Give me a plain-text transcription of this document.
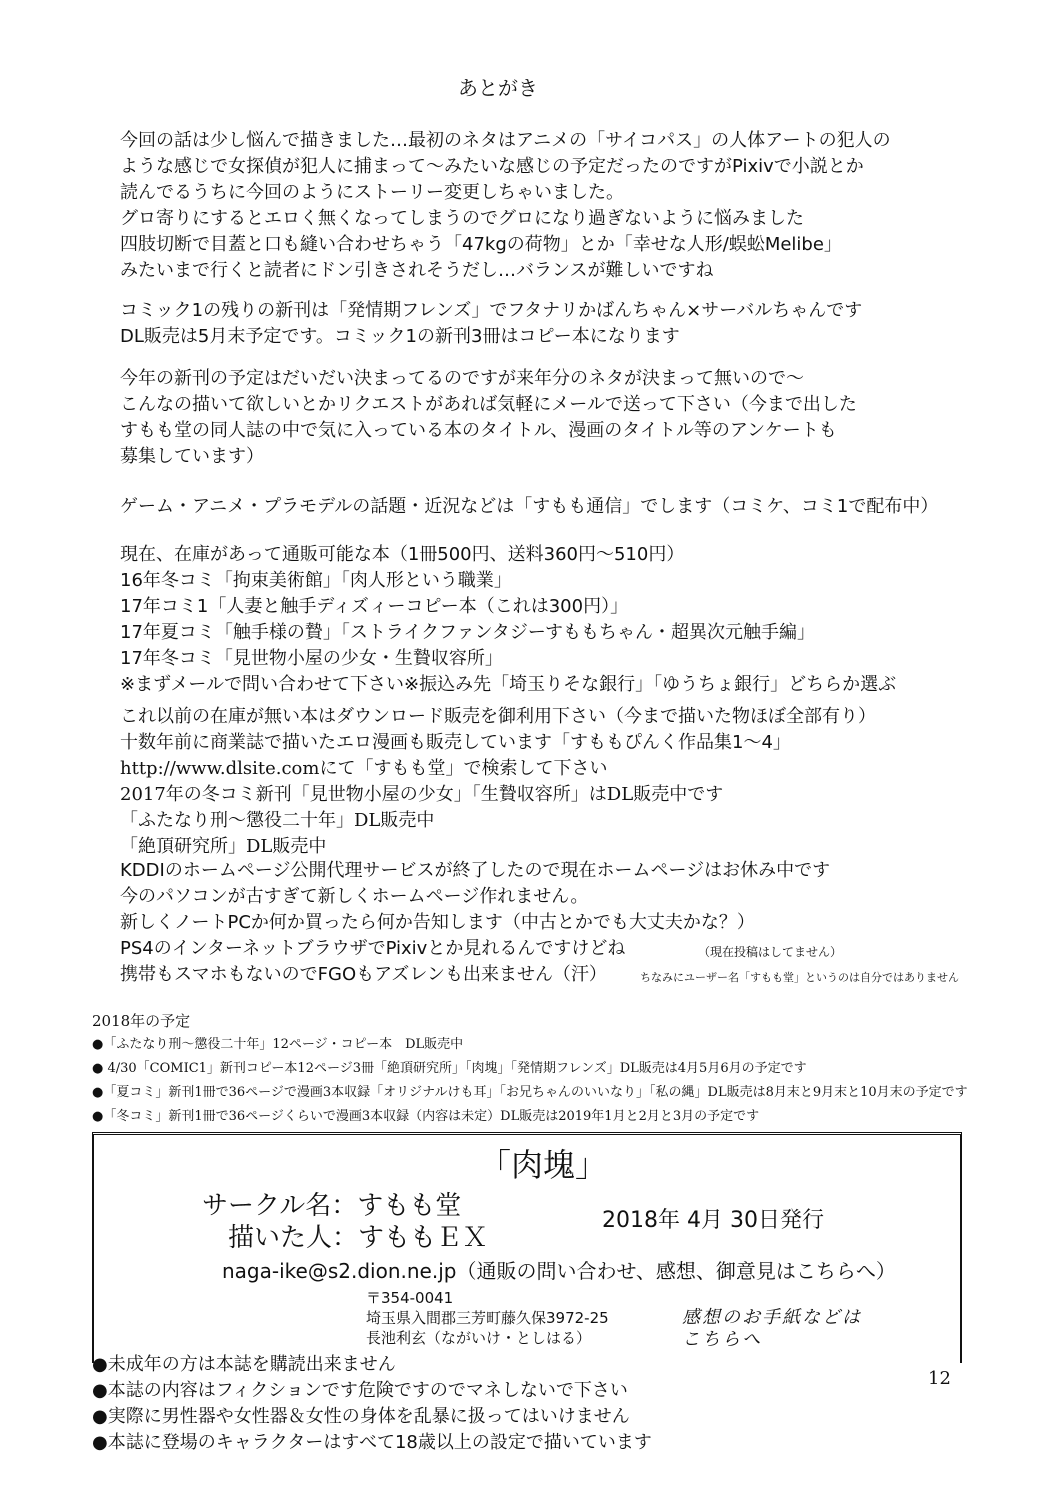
あとがき
今回の話は少し悩んで描きました…最初のネタはアニメの「サイコパス」の人体アートの犯人の
ような感じで女探偵が犯人に捕まって〜みたいな感じの予定だったのですがPixivで小説とか
読んでるうちに今回のようにストーリー変更しちゃいました。
グロ寄りにするとエロく無くなってしまうのでグロになり過ぎないように悩みました
四肢切断で目蓋と口も縫い合わせちゃう「47kgの荷物」とか「幸せな人形/蜈蚣Melibe」
みたいまで行くと読者にドン引きされそうだし…バランスが難しいですね
コミック1の残りの新刊は「発情期フレンズ」でフタナリかばんちゃん×サーバルちゃんです
DL販売は5月末予定です。コミック1の新刊3冊はコピー本になります
今年の新刊の予定はだいだい決まってるのですが来年分のネタが決まって無いので〜
こんなの描いて欲しいとかリクエストがあれば気軽にメールで送って下さい（今まで出した
すもも堂の同人誌の中で気に入っている本のタイトル、漫画のタイトル等のアンケートも
募集しています）
ゲーム・アニメ・プラモデルの話題・近況などは「すもも通信」でします（コミケ、コミ1で配布中）
現在、在庫があって通販可能な本（1冊500円、送料360円〜510円）
16年冬コミ「拘束美術館」「肉人形という職業」
17年コミ1「人妻と触手ディズィーコピー本（これは300円）」
17年夏コミ「触手様の贄」「ストライクファンタジーすももちゃん・超異次元触手編」
17年冬コミ「見世物小屋の少女・生贄収容所」
※まずメールで問い合わせて下さい※振込み先「埼玉りそな銀行」「ゆうちょ銀行」どちらか選ぶ
これ以前の在庫が無い本はダウンロード販売を御利用下さい（今まで描いた物ほぼ全部有り）
十数年前に商業誌で描いたエロ漫画も販売しています「すももぴんく作品集1〜4」
http://www.dlsite.comにて「すもも堂」で検索して下さい
2017年の冬コミ新刊「見世物小屋の少女」「生贄収容所」はDL販売中です
「ふたなり刑〜懲役二十年」DL販売中
「絶頂研究所」DL販売中
KDDIのホームページ公開代理サービスが終了したので現在ホームページはお休み中です
今のパソコンが古すぎて新しくホームページ作れません。
新しくノートPCか何か買ったら何か告知します（中古とかでも大丈夫かな？）
PS4のインターネットブラウザでPixivとか見れるんですけどね	（現在投稿はしてません）
携帯もスマホもないのでFGOもアズレンも出来ません（汗）	ちなみにユーザー名「すもも堂」というのは自分ではありません
「肉塊」
サークル名：すもも堂
描いた人：すももＥＸ
2018年 4月 30日発行
naga-ike@s2.dion.ne.jp（通販の問い合わせ、感想、御意見はこちらへ）
〒354-0041
埼玉県入間郡三芳町藤久保3972-25
長池利玄（ながいけ・としはる）
感想のお手紙などは
こちらへ
●未成年の方は本誌を購読出来ません
●本誌の内容はフィクションです危険ですのでマネしないで下さい
●実際に男性器や女性器＆女性の身体を乱暴に扱ってはいけません
●本誌に登場のキャラクターはすべて18歳以上の設定で描いています
12
2018年の予定
●「ふたなり刑〜懲役二十年」12ページ・コピー本　DL販売中
● 4/30「COMIC1」新刊コピー本12ページ3冊「絶頂研究所」「肉塊」「発情期フレンズ」DL販売は4月5月6月の予定です
●「夏コミ」新刊1冊で36ページで漫画3本収録「オリジナルけも耳」「お兄ちゃんのいいなり」「私の縄」DL販売は8月末と9月末と10月末の予定です
●「冬コミ」新刊1冊で36ページくらいで漫画3本収録（内容は未定）DL販売は2019年1月と2月と3月の予定です
